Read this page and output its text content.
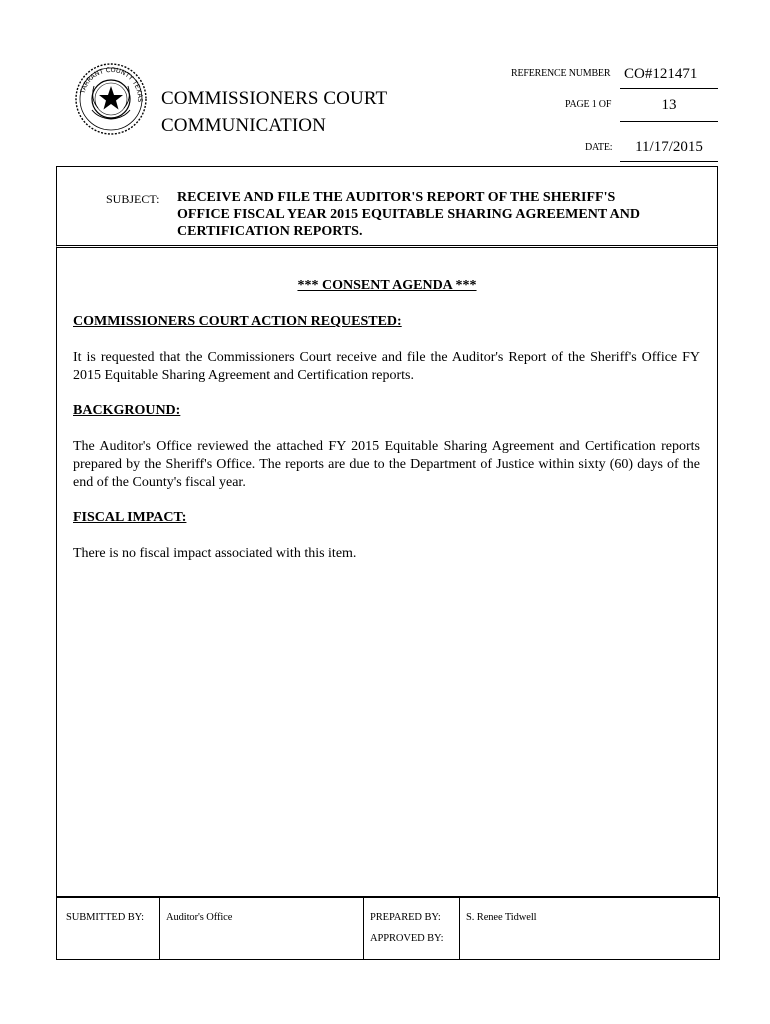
TARRANT COUNTY TEXAS COMMISSIONERS COURT
COMMUNICATION
REFERENCE NUMBER CO#121471
PAGE 1 OF	13
DATE:	11/17/2015
SUBJECT: RECEIVE AND FILE THE AUDITOR'S REPORT OF THE SHERIFF'S
OFFICE FISCAL YEAR 2015 EQUITABLE SHARING AGREEMENT AND
CERTIFICATION REPORTS.
*** CONSENT AGENDA ***
COMMISSIONERS COURT ACTION REQUESTED:
It is requested that the Commissioners Court receive and file the Auditor's Report of the Sheriff's Office FY 2015 Equitable Sharing Agreement and Certification reports.
BACKGROUND:
The Auditor's Office reviewed the attached FY 2015 Equitable Sharing Agreement and Certification reports prepared by the Sheriff's Office. The reports are due to the Department of Justice within sixty (60) days of the end of the County's fiscal year.
FISCAL IMPACT:
There is no fiscal impact associated with this item.
SUBMITTED BY: Auditor's Office	PREPARED BY: S. Renee Tidwell
APPROVED BY:
